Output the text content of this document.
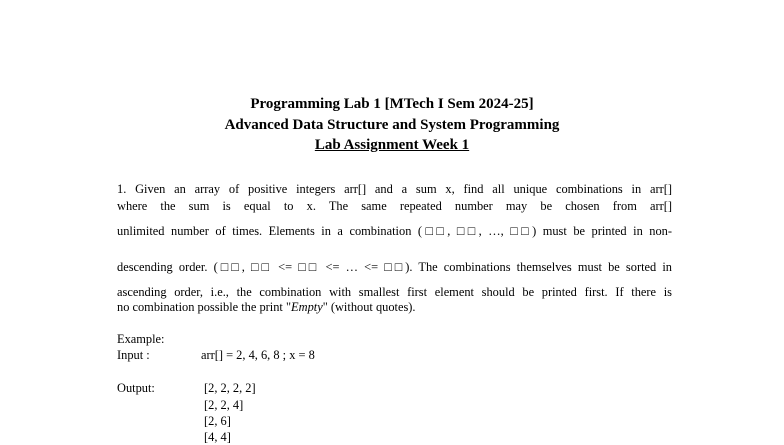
Programming Lab 1 [MTech I Sem 2024-25]
Advanced Data Structure and System Programming
Lab Assignment Week 1
1. Given an array of positive integers arr[] and a sum x, find all unique combinations in arr[]
where the sum is equal to x. The same repeated number may be chosen from arr[]
unlimited number of times. Elements in a combination (□□, □□, …, □□) must be printed in non-
descending order. (□□, □□ <= □□ <= … <= □□). The combinations themselves must be sorted in
ascending order, i.e., the combination with smallest first element should be printed first. If there is
no combination possible the print "Empty" (without quotes).
Example:
Input :	arr[] = 2, 4, 6, 8 ; x = 8
Output:	[2, 2, 2, 2]
[2, 2, 4]
[2, 6]
[4, 4]
